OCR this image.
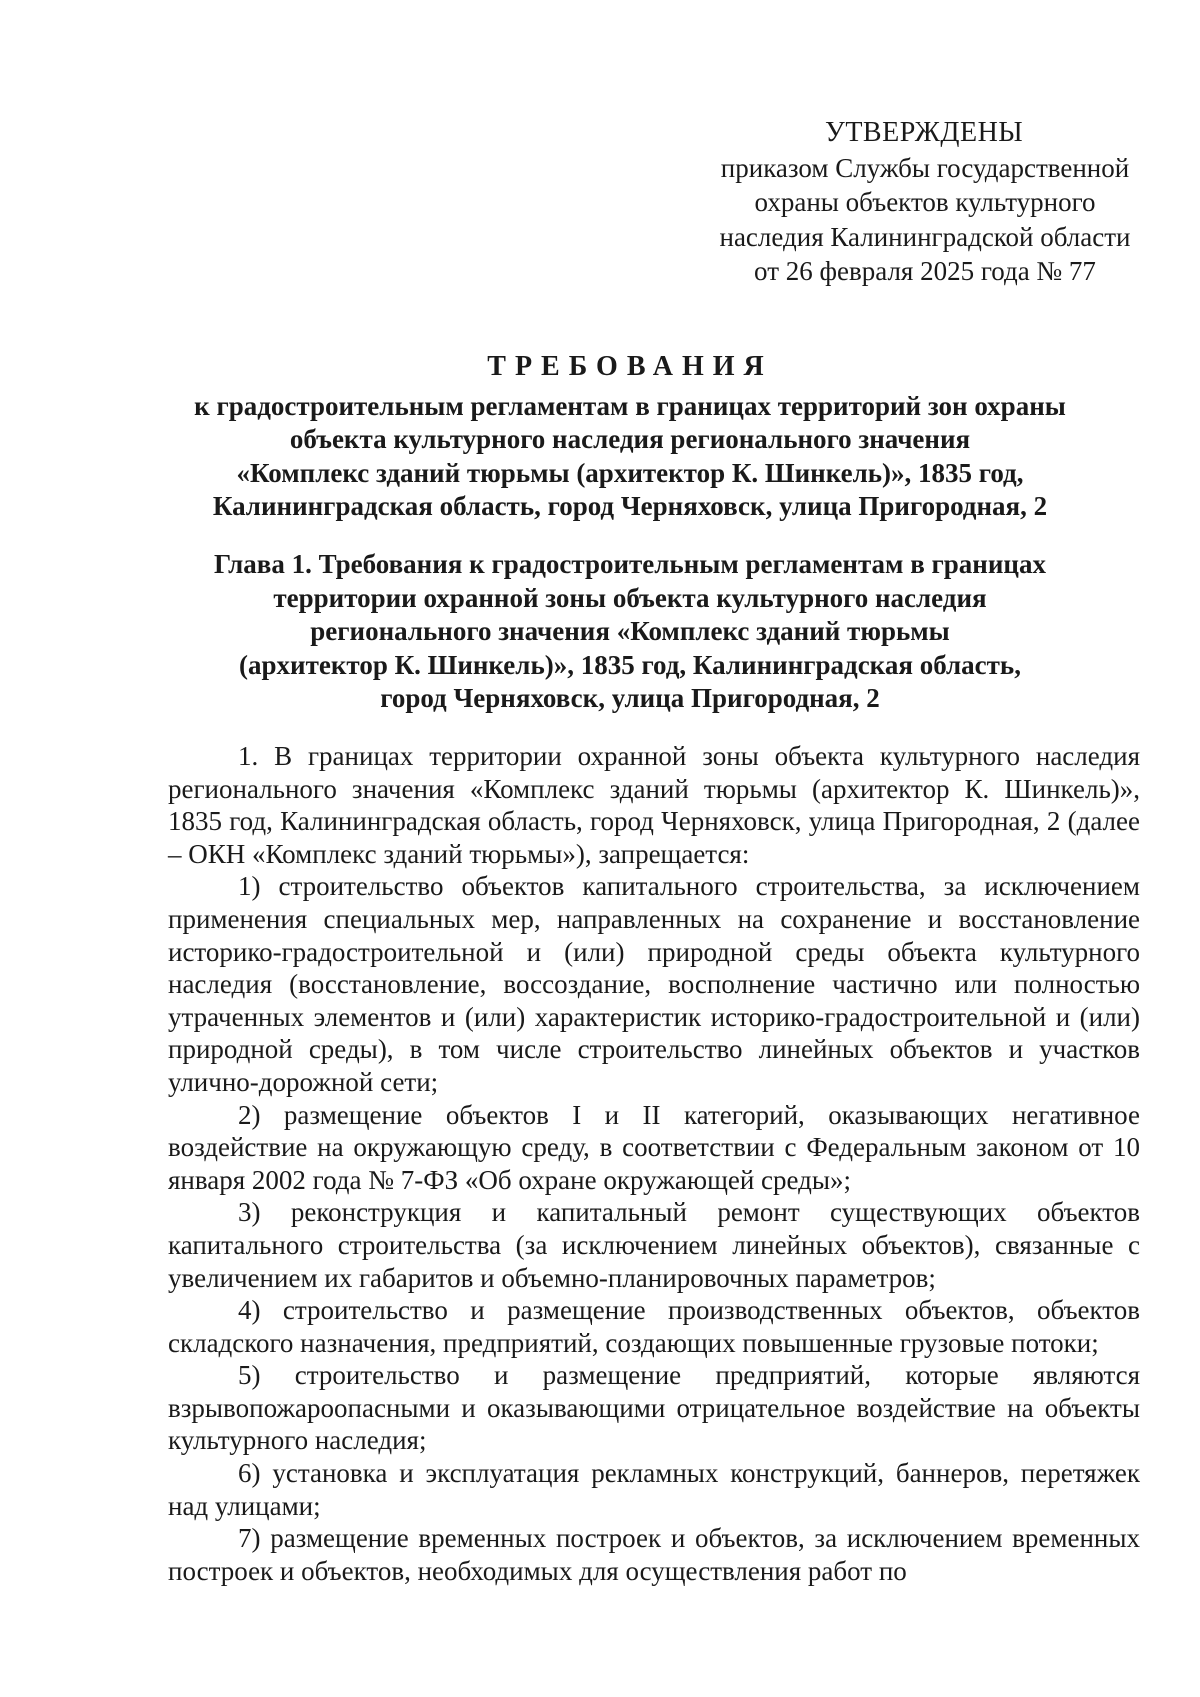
УТВЕРЖДЕНЫ
приказом Службы государственной
охраны объектов культурного
наследия Калининградской области
от 26 февраля 2025 года № 77
ТРЕБОВАНИЯ
к градостроительным регламентам в границах территорий зон охраны
объекта культурного наследия регионального значения
«Комплекс зданий тюрьмы (архитектор К. Шинкель)», 1835 год,
Калининградская область, город Черняховск, улица Пригородная, 2
Глава 1. Требования к градостроительным регламентам в границах
территории охранной зоны объекта культурного наследия
регионального значения «Комплекс зданий тюрьмы
(архитектор К. Шинкель)», 1835 год, Калининградская область,
город Черняховск, улица Пригородная, 2

1. В границах территории охранной зоны объекта культурного наследия регионального значения «Комплекс зданий тюрьмы (архитектор К. Шинкель)», 1835 год, Калининградская область, город Черняховск, улица Пригородная, 2 (далее – ОКН «Комплекс зданий тюрьмы»), запрещается:

1) строительство объектов капитального строительства, за исключением применения специальных мер, направленных на сохранение и восстановление историко-градостроительной и (или) природной среды объекта культурного наследия (восстановление, воссоздание, восполнение частично или полностью утраченных элементов и (или) характеристик историко-градостроительной и (или) природной среды), в том числе строительство линейных объектов и участков улично-дорожной сети;

2) размещение объектов I и II категорий, оказывающих негативное воздействие на окружающую среду, в соответствии с Федеральным законом от 10 января 2002 года № 7-ФЗ «Об охране окружающей среды»;

3) реконструкция и капитальный ремонт существующих объектов капитального строительства (за исключением линейных объектов), связанные с увеличением их габаритов и объемно-планировочных параметров;

4) строительство и размещение производственных объектов, объектов складского назначения, предприятий, создающих повышенные грузовые потоки;

5) строительство и размещение предприятий, которые являются взрывопожароопасными и оказывающими отрицательное воздействие на объекты культурного наследия;

6) установка и эксплуатация рекламных конструкций, баннеров, перетяжек над улицами;

7) размещение временных построек и объектов, за исключением временных построек и объектов, необходимых для осуществления работ по
